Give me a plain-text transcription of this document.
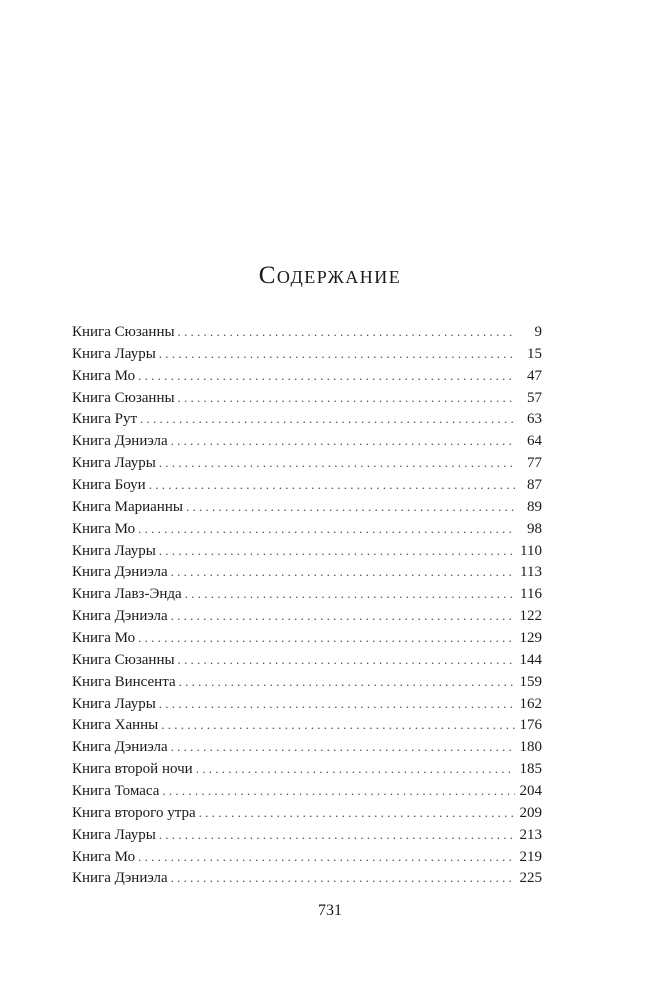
Содержание
Книга Сюзанны . . .	9
Книга Лауры . . .	15
Книга Мо . . .	47
Книга Сюзанны . . .	57
Книга Рут . . .	63
Книга Дэниэла . . .	64
Книга Лауры . . .	77
Книга Боуи . . .	87
Книга Марианны . . .	89
Книга Мо . . .	98
Книга Лауры . . .	110
Книга Дэниэла . . .	113
Книга Лавз-Энда . . .	116
Книга Дэниэла . . .	122
Книга Мо . . .	129
Книга Сюзанны . . .	144
Книга Винсента . . .	159
Книга Лауры . . .	162
Книга Ханны . . .	176
Книга Дэниэла . . .	180
Книга второй ночи . . .	185
Книга Томаса . . .	204
Книга второго утра . . .	209
Книга Лауры . . .	213
Книга Мо . . .	219
Книга Дэниэла . . .	225
731
